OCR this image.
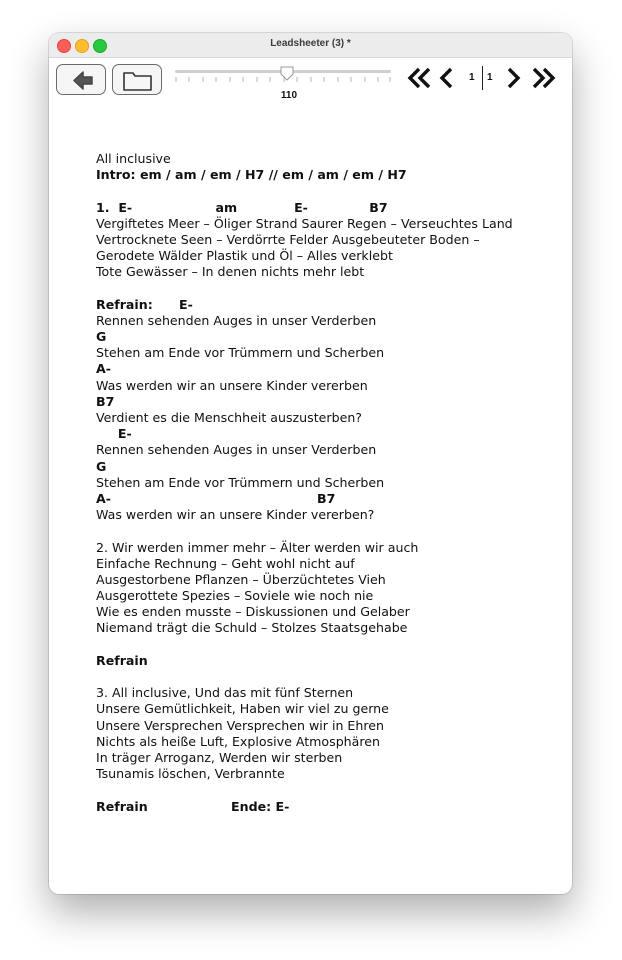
Leadsheeter (3) *
110
1 1
All inclusive
Intro: em / am / em / H7 // em / am / em / H7
1.  E-                   am             E-              B7
Vergiftetes Meer – Öliger Strand Saurer Regen – Verseuchtes Land
Vertrocknete Seen – Verdörrte Felder Ausgebeuteter Boden –
Gerodete Wälder Plastik und Öl – Alles verklebt
Tote Gewässer – In denen nichts mehr lebt
Refrain:      E-
Rennen sehenden Auges in unser Verderben
G
Stehen am Ende vor Trümmern und Scherben
A-
Was werden wir an unsere Kinder vererben
B7
Verdient es die Menschheit auszusterben?
E-
Rennen sehenden Auges in unser Verderben
G
Stehen am Ende vor Trümmern und Scherben
A-                                               B7
Was werden wir an unsere Kinder vererben?
2. Wir werden immer mehr – Älter werden wir auch
Einfache Rechnung – Geht wohl nicht auf
Ausgestorbene Pflanzen – Überzüchtetes Vieh
Ausgerottete Spezies – Soviele wie noch nie
Wie es enden musste – Diskussionen und Gelaber
Niemand trägt die Schuld – Stolzes Staatsgehabe
Refrain
3. All inclusive, Und das mit fünf Sternen
Unsere Gemütlichkeit, Haben wir viel zu gerne
Unsere Versprechen Versprechen wir in Ehren
Nichts als heiße Luft, Explosive Atmosphären
In träger Arroganz, Werden wir sterben
Tsunamis löschen, Verbrannte
Refrain                   Ende: E-
